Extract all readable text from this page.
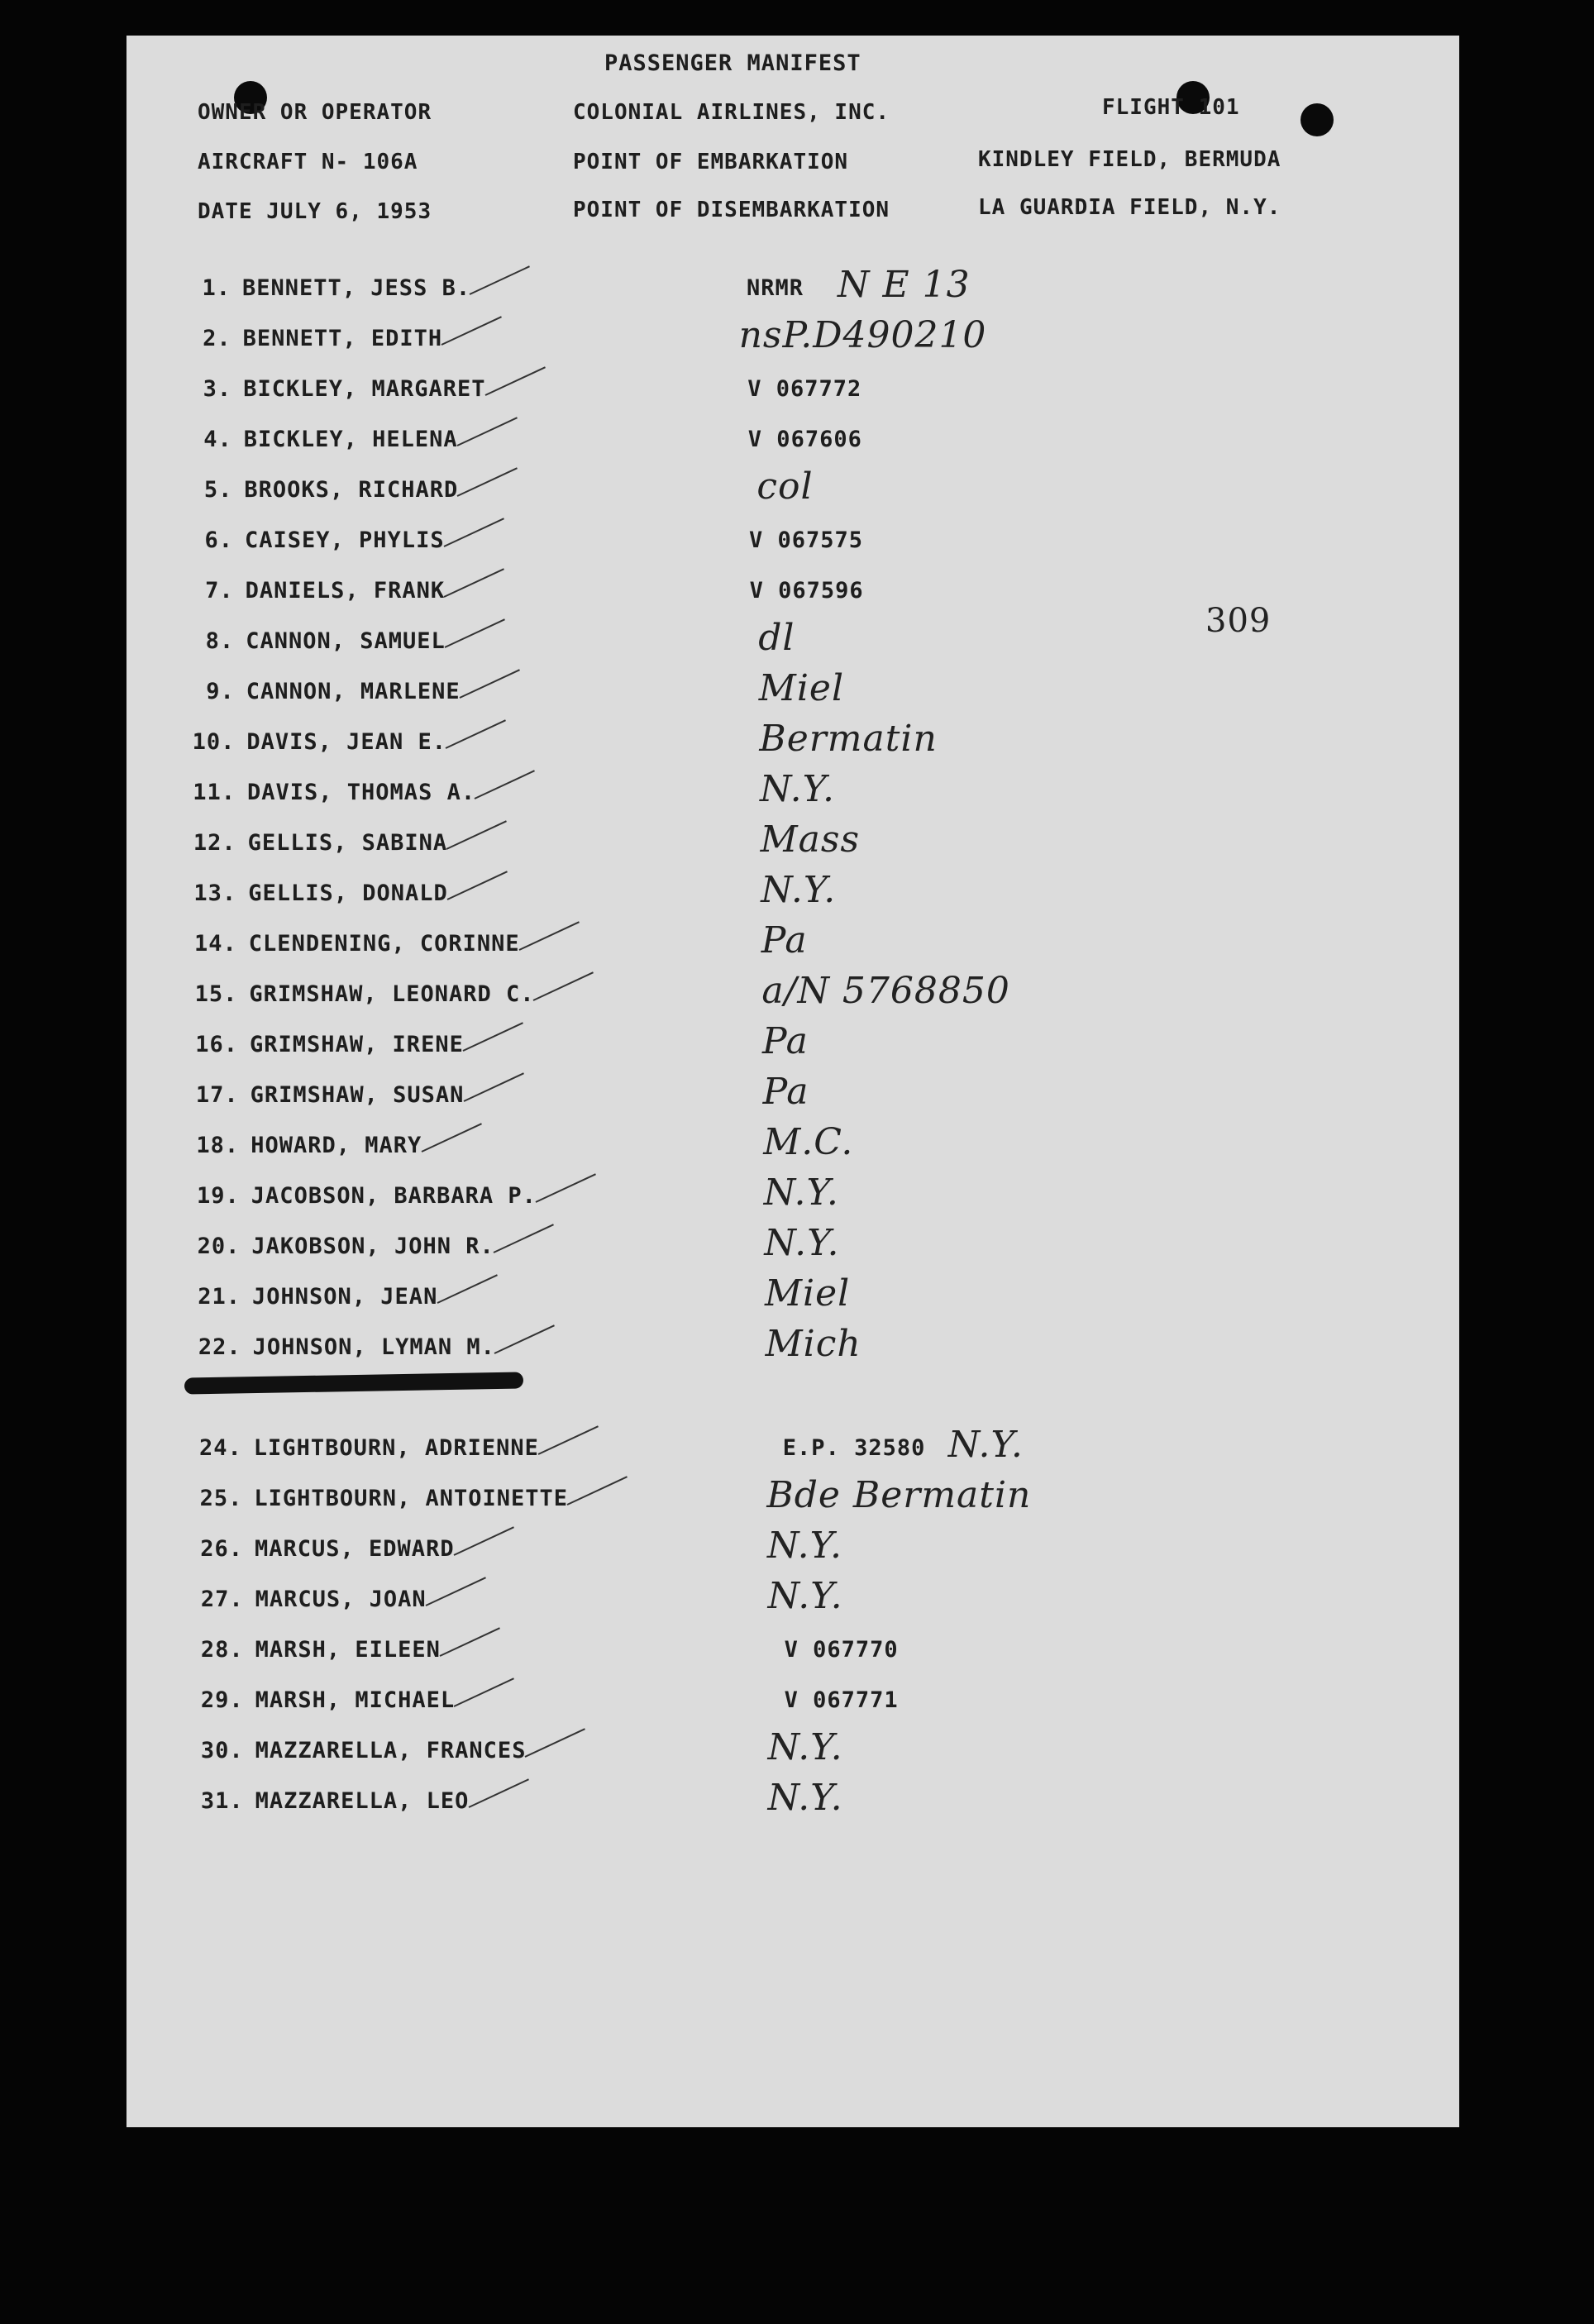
PASSENGER MANIFEST
OWNER OR OPERATOR	COLONIAL AIRLINES, INC.	FLIGHT 101
AIRCRAFT N- 106A	POINT OF EMBARKATION	KINDLEY FIELD, BERMUDA
DATE JULY 6, 1953	POINT OF DISEMBARKATION	LA GUARDIA FIELD, N.Y.
309
1. BENNETT, JESS B.	NRMR N E 13
2. BENNETT, EDITH	nsP.D490210
3. BICKLEY, MARGARET	V 067772
4. BICKLEY, HELENA	V 067606
5. BROOKS, RICHARD	col
6. CAISEY, PHYLIS	V 067575
7. DANIELS, FRANK	V 067596
8. CANNON, SAMUEL	dl
9. CANNON, MARLENE	Miel
10. DAVIS, JEAN E.	Bermatin
11. DAVIS, THOMAS A.	N.Y.
12. GELLIS, SABINA	Mass
13. GELLIS, DONALD	N.Y.
14. CLENDENING, CORINNE	Pa
15. GRIMSHAW, LEONARD C.	a/N 5768850
16. GRIMSHAW, IRENE	Pa
17. GRIMSHAW, SUSAN	Pa
18. HOWARD, MARY	M.C.
19. JACOBSON, BARBARA P.	N.Y.
20. JAKOBSON, JOHN R.	N.Y.
21. JOHNSON, JEAN	Miel
22. JOHNSON, LYMAN M.	Mich
24. LIGHTBOURN, ADRIENNE	E.P. 32580 N.Y.
25. LIGHTBOURN, ANTOINETTE	Bde Bermatin
26. MARCUS, EDWARD	N.Y.
27. MARCUS, JOAN	N.Y.
28. MARSH, EILEEN	V 067770
29. MARSH, MICHAEL	V 067771
30. MAZZARELLA, FRANCES	N.Y.
31. MAZZARELLA, LEO	N.Y.
